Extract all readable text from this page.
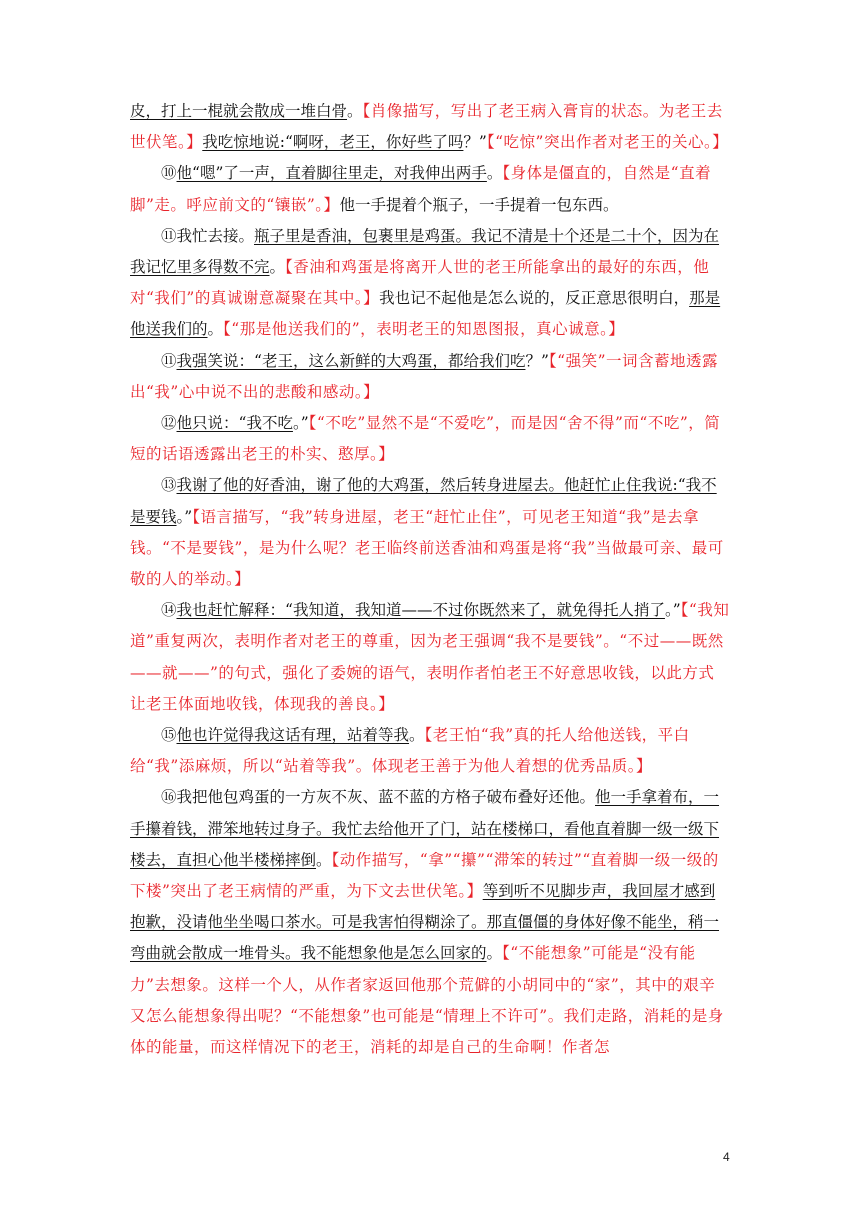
皮，打上一棍就会散成一堆白骨。【肖像描写，写出了老王病入膏肓的状态。为老王去世伏笔。】我吃惊地说:“啊呀，老王，你好些了吗？”【“吃惊”突出作者对老王的关心。】

⑩他“嗯”了一声，直着脚往里走，对我伸出两手。【身体是僵直的，自然是“直着脚”走。呼应前文的“镶嵌”。】他一手提着个瓶子，一手提着一包东西。

⑪我忙去接。瓶子里是香油，包裹里是鸡蛋。我记不清是十个还是二十个，因为在我记忆里多得数不完。【香油和鸡蛋是将离开人世的老王所能拿出的最好的东西，他对“我们”的真诚谢意凝聚在其中。】我也记不起他是怎么说的，反正意思很明白，那是他送我们的。【“那是他送我们的”，表明老王的知恩图报，真心诚意。】

⑪我强笑说：“老王，这么新鲜的大鸡蛋，都给我们吃？”【“强笑”一词含蓄地透露出“我”心中说不出的悲酸和感动。】

⑫他只说：“我不吃。”【“不吃”显然不是“不爱吃”，而是因“舍不得”而“不吃”，简短的话语透露出老王的朴实、憨厚。】

⑬我谢了他的好香油，谢了他的大鸡蛋，然后转身进屋去。他赶忙止住我说:“我不是要钱。”【语言描写，“我”转身进屋，老王“赶忙止住”，可见老王知道“我”是去拿钱。“不是要钱”，是为什么呢？老王临终前送香油和鸡蛋是将“我”当做最可亲、最可敬的人的举动。】

⑭我也赶忙解释：“我知道，我知道——不过你既然来了，就免得托人捎了。”【“我知道”重复两次，表明作者对老王的尊重，因为老王强调“我不是要钱”。“不过——既然——就——”的句式，强化了委婉的语气，表明作者怕老王不好意思收钱，以此方式让老王体面地收钱，体现我的善良。】

⑮他也许觉得我这话有理，站着等我。【老王怕“我”真的托人给他送钱，平白给“我”添麻烦，所以“站着等我”。体现老王善于为他人着想的优秀品质。】

⑯我把他包鸡蛋的一方灰不灰、蓝不蓝的方格子破布叠好还他。他一手拿着布，一手攥着钱，滞笨地转过身子。我忙去给他开了门，站在楼梯口，看他直着脚一级一级下楼去，直担心他半楼梯摔倒。【动作描写，“拿”“攥”“滞笨的转过”“直着脚一级一级的下楼”突出了老王病情的严重，为下文去世伏笔。】等到听不见脚步声，我回屋才感到抱歉，没请他坐坐喝口茶水。可是我害怕得糊涂了。那直僵僵的身体好像不能坐，稍一弯曲就会散成一堆骨头。我不能想象他是怎么回家的。【“不能想象”可能是“没有能力”去想象。这样一个人，从作者家返回他那个荒僻的小胡同中的“家”，其中的艰辛又怎么能想象得出呢？“不能想象”也可能是“情理上不许可”。我们走路，消耗的是身体的能量，而这样情况下的老王，消耗的却是自己的生命啊！作者怎

4
